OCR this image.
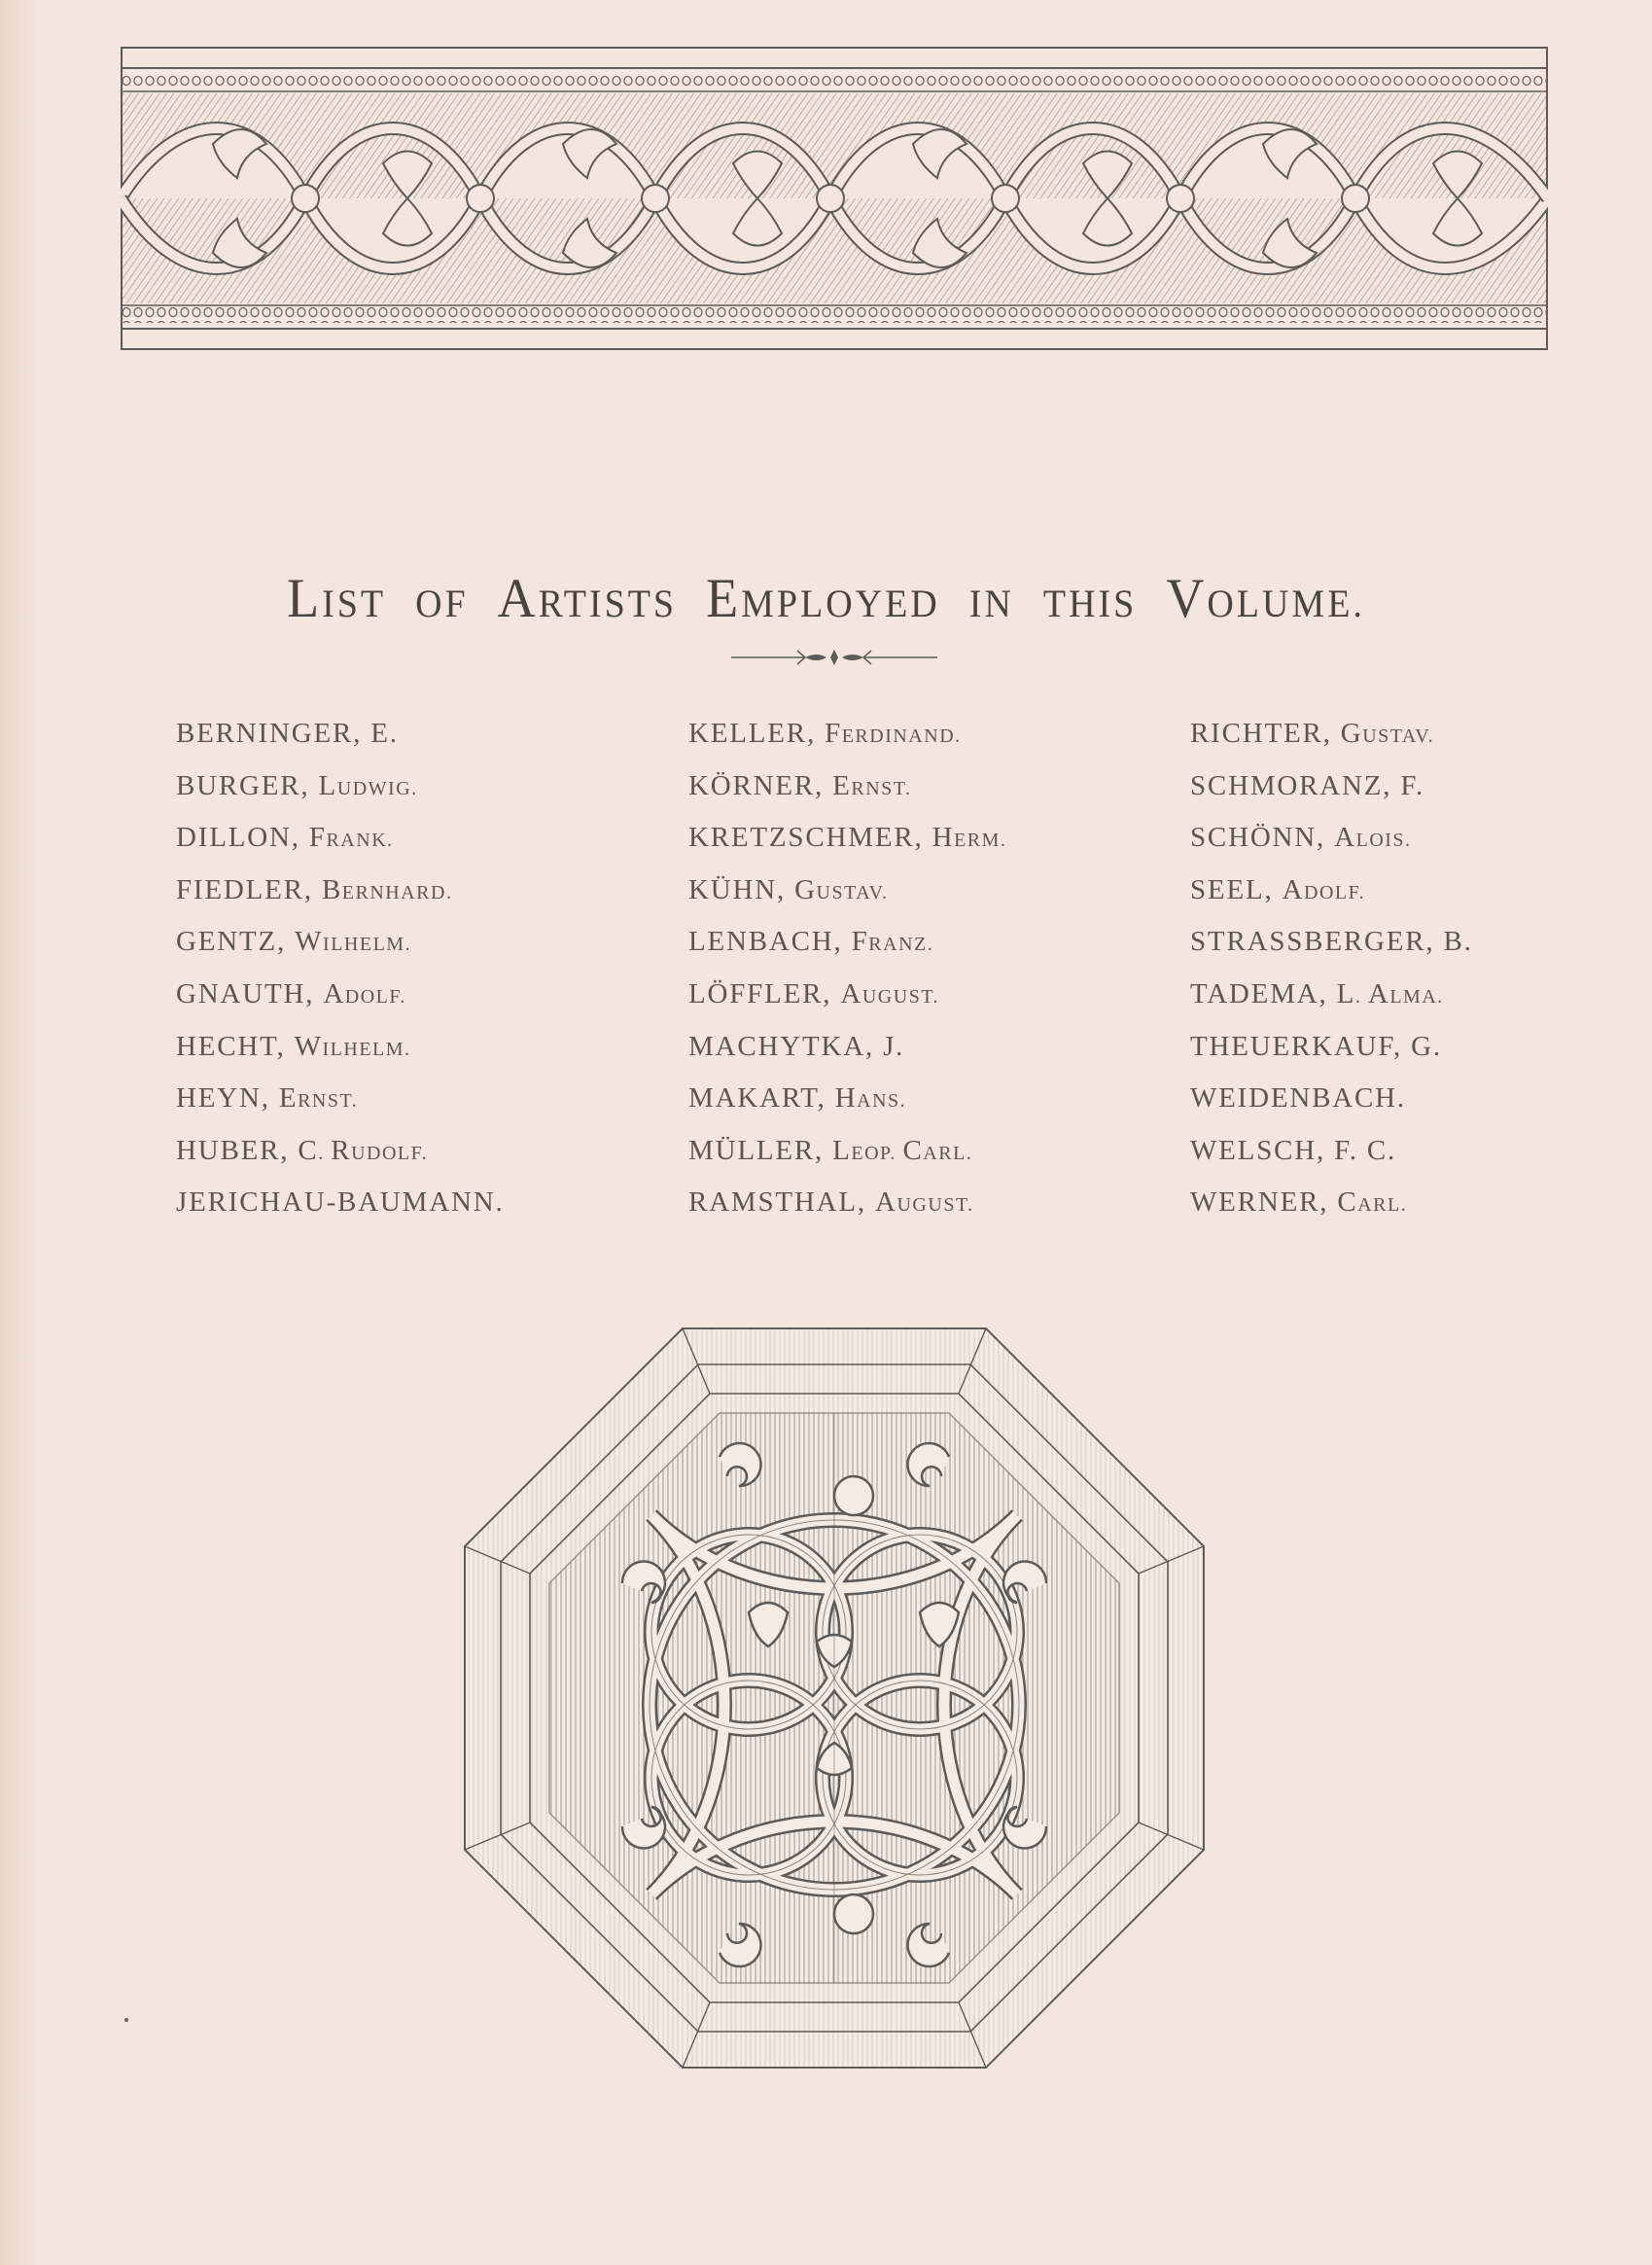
LIST  OF  ARTISTS  EMPLOYED  IN  THIS  VOLUME.
BERNINGER, E.
BURGER, LUDWIG.
DILLON, FRANK.
FIEDLER, BERNHARD.
GENTZ, WILHELM.
GNAUTH, ADOLF.
HECHT, WILHELM.
HEYN, ERNST.
HUBER, C. RUDOLF.
JERICHAU-BAUMANN.
KELLER, FERDINAND.
KÖRNER, ERNST.
KRETZSCHMER, HERM.
KÜHN, GUSTAV.
LENBACH, FRANZ.
LÖFFLER, AUGUST.
MACHYTKA, J.
MAKART, HANS.
MÜLLER, LEOP. CARL.
RAMSTHAL, AUGUST.
RICHTER, GUSTAV.
SCHMORANZ, F.
SCHÖNN, ALOIS.
SEEL, ADOLF.
STRASSBERGER, B.
TADEMA, L. ALMA.
THEUERKAUF, G.
WEIDENBACH.
WELSCH, F. C.
WERNER, CARL.
